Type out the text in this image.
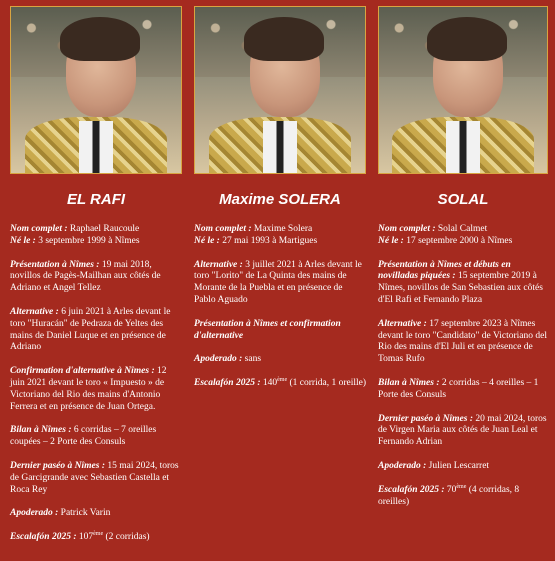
EL RAFI

Nom complet : Raphael Raucoule
Né le : 3 septembre 1999 à Nîmes

Présentation à Nîmes : 19 mai 2018, novillos de Pagès-Mailhan aux côtés de Adriano et Angel Tellez

Alternative : 6 juin 2021 à Arles devant le toro "Huracán" de Pedraza de Yeltes des mains de Daniel Luque et en présence de Adriano

Confirmation d'alternative à Nîmes : 12 juin 2021 devant le toro « Impuesto » de Victoriano del Rio des mains d'Antonio Ferrera et en présence de Juan Ortega.

Bilan à Nîmes : 6 corridas – 7 oreilles coupées – 2 Porte des Consuls

Dernier paséo à Nîmes : 15 mai 2024, toros de Garcigrande avec Sebastien Castella et Roca Rey

Apoderado : Patrick Varin

Escalafón 2025 : 107ème (2 corridas)

Maxime SOLERA

Nom complet : Maxime Solera
Né le : 27 mai 1993 à Martigues

Alternative : 3 juillet 2021 à Arles devant le toro "Lorito" de La Quinta des mains de Morante de la Puebla et en présence de Pablo Aguado

Présentation à Nîmes et confirmation d'alternative

Apoderado : sans

Escalafón 2025 : 140ème (1 corrida, 1 oreille)

SOLAL

Nom complet : Solal Calmet
Né le : 17 septembre 2000 à Nîmes

Présentation à Nîmes et débuts en novilladas piquées : 15 septembre 2019 à Nîmes, novillos de San Sebastien aux côtés d'El Rafi et Fernando Plaza

Alternative : 17 septembre 2023 à Nîmes devant le toro "Candidato" de Victoriano del Rio des mains d'El Juli et en présence de Tomas Rufo

Bilan à Nîmes : 2 corridas – 4 oreilles – 1 Porte des Consuls

Dernier paséo à Nîmes : 20 mai 2024, toros de Virgen Maria aux côtés de Juan Leal et Fernando Adrian

Apoderado : Julien Lescarret

Escalafón 2025 : 70ème (4 corridas, 8 oreilles)
